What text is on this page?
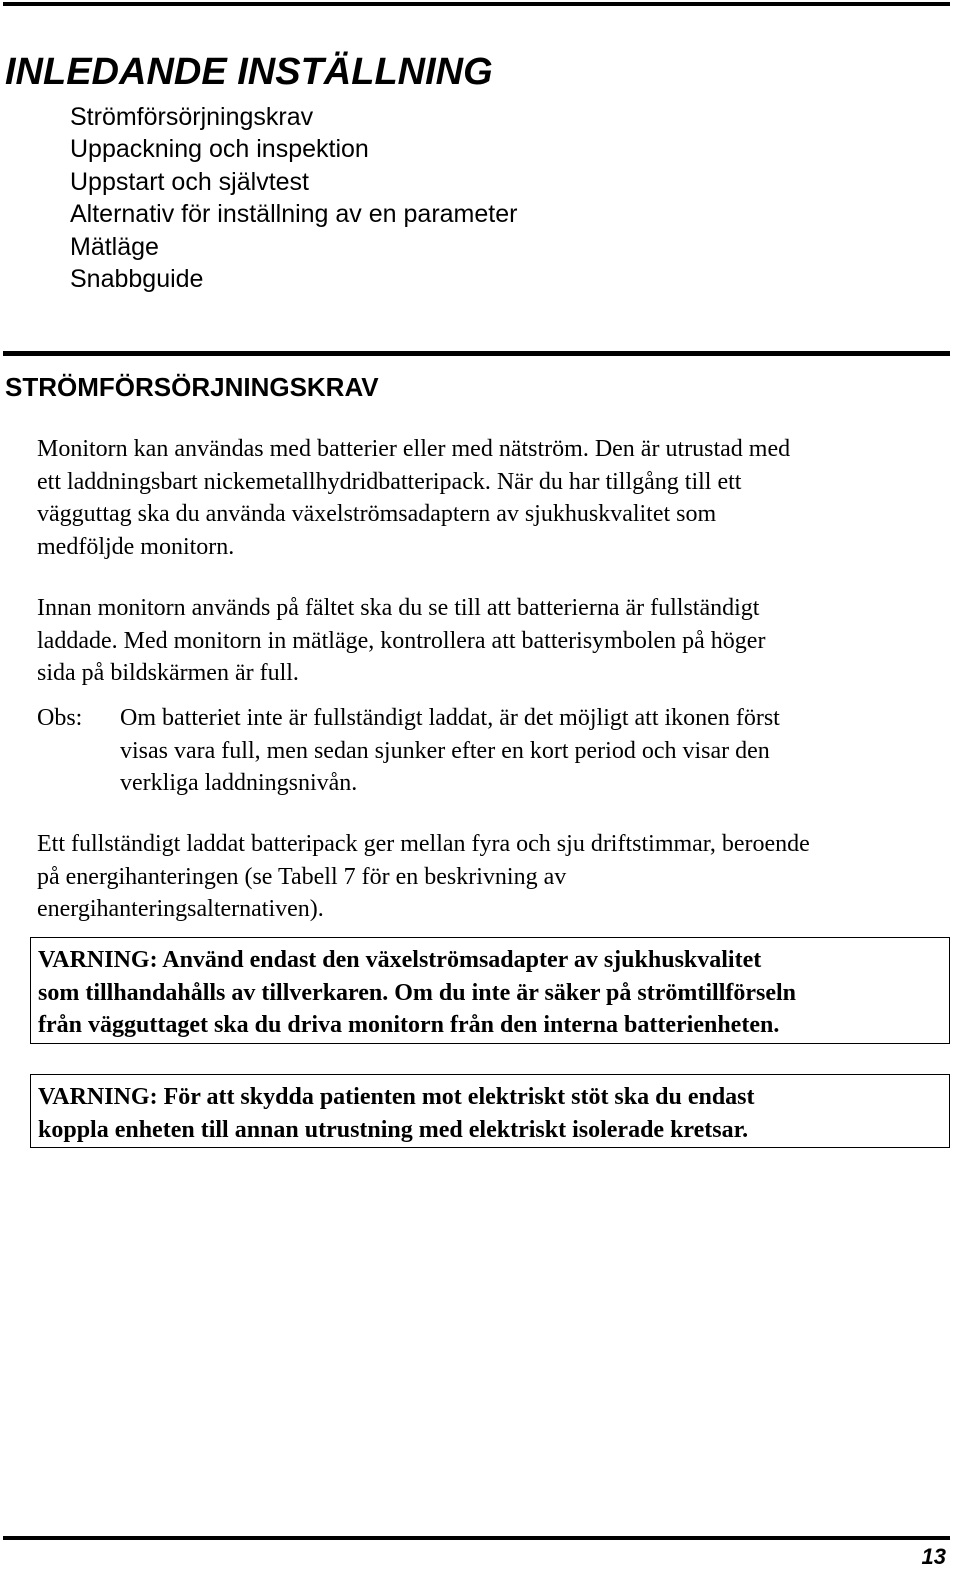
INLEDANDE INSTÄLLNING
Strömförsörjningskrav
Uppackning och inspektion
Uppstart och självtest
Alternativ för inställning av en parameter
Mätläge
Snabbguide
STRÖMFÖRSÖRJNINGSKRAV

Monitorn kan användas med batterier eller med nätström. Den är utrustad med
ett laddningsbart nickemetallhydridbatteripack. När du har tillgång till ett
vägguttag ska du använda växelströmsadaptern av sjukhuskvalitet som
medföljde monitorn.

Innan monitorn används på fältet ska du se till att batterierna är fullständigt
laddade. Med monitorn in mätläge, kontrollera att batterisymbolen på höger
sida på bildskärmen är full.

Obs: Om batteriet inte är fullständigt laddat, är det möjligt att ikonen först
visas vara full, men sedan sjunker efter en kort period och visar den
verkliga laddningsnivån.

Ett fullständigt laddat batteripack ger mellan fyra och sju driftstimmar, beroende
på energihanteringen (se Tabell 7 för en beskrivning av
energihanteringsalternativen).

VARNING: Använd endast den växelströmsadapter av sjukhuskvalitet
som tillhandahålls av tillverkaren. Om du inte är säker på strömtillförseln
från vägguttaget ska du driva monitorn från den interna batterienheten.
VARNING: För att skydda patienten mot elektriskt stöt ska du endast
koppla enheten till annan utrustning med elektriskt isolerade kretsar.
13
